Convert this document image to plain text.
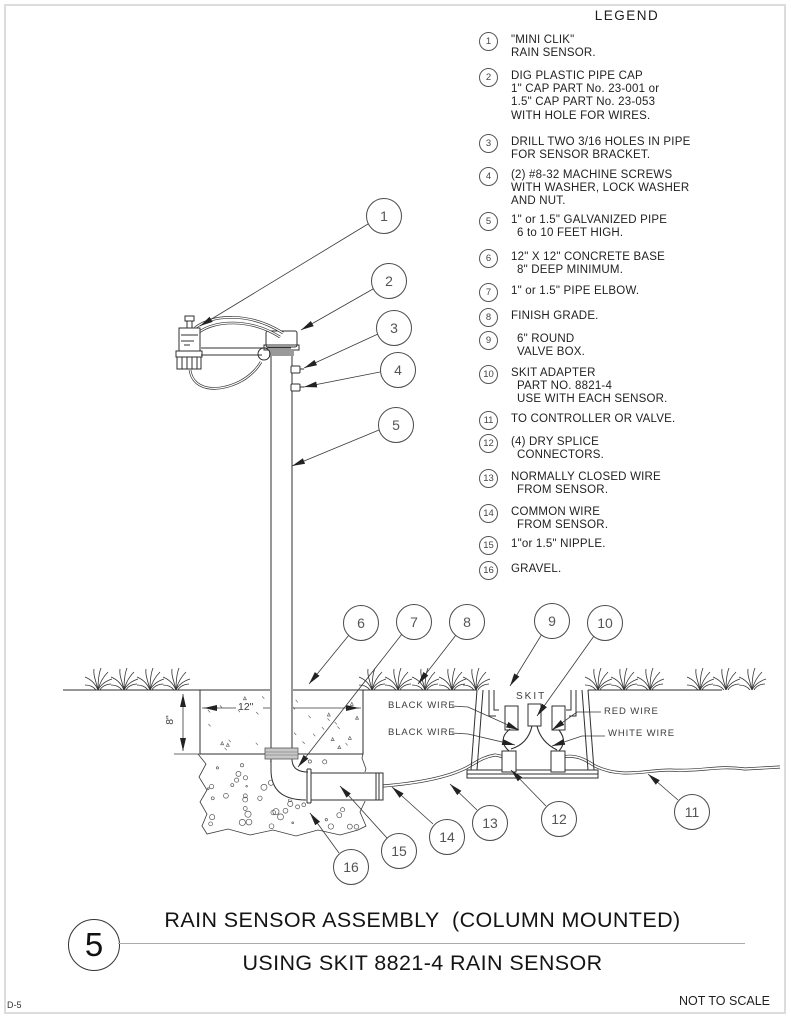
LEGEND
1	"MINI CLIK"
RAIN SENSOR.
2	DIG PLASTIC PIPE CAP
1" CAP PART No. 23-001 or
1.5" CAP PART No. 23-053
WITH HOLE FOR WIRES.
3	DRILL TWO 3/16 HOLES IN PIPE
FOR SENSOR BRACKET.
4	(2) #8-32 MACHINE SCREWS
WITH WASHER, LOCK WASHER
AND NUT.
5	1" or 1.5" GALVANIZED PIPE
6 to 10 FEET HIGH.
6	12" X 12" CONCRETE BASE
8" DEEP MINIMUM.
7	1" or 1.5" PIPE ELBOW.
8	FINISH GRADE.
9	6" ROUND
VALVE BOX.
10	SKIT ADAPTER
PART NO. 8821-4
USE WITH EACH SENSOR.
11	TO CONTROLLER OR VALVE.
12	(4) DRY SPLICE
CONNECTORS.
13	NORMALLY CLOSED WIRE
FROM SENSOR.
14	COMMON WIRE
FROM SENSOR.
15	1"or 1.5" NIPPLE.
16	GRAVEL.
1
2
3
4
5
6	7	8	9	10
11
12
13
14
15
16
BLACK WIRE
BLACK WIRE
RED WIRE
WHITE WIRE
SKIT
12"
8"
5
RAIN SENSOR ASSEMBLY  (COLUMN MOUNTED)
USING SKIT 8821-4 RAIN SENSOR
NOT TO SCALE
D-5
